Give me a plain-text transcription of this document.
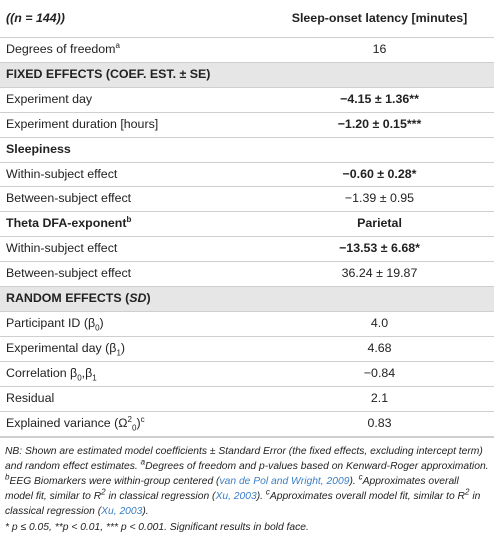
((n = 144))	Sleep-onset latency [minutes]
Degrees of freedom$^a$	16
FIXED EFFECTS (COEF. EST. ± SE)	
Experiment day	−4.15 ± 1.36**
Experiment duration [hours]	−1.20 ± 0.15***
Sleepiness	
Within-subject effect	−0.60 ± 0.28*
Between-subject effect	−1.39 ± 0.95
Theta DFA-exponent$^b$	Parietal
Within-subject effect	−13.53 ± 6.68*
Between-subject effect	36.24 ± 19.87
RANDOM EFFECTS (SD)	
Participant ID $(\beta_0)$	4.0
Experimental day $(\beta_1)$	4.68
Correlation $\beta_0,\beta_1$	−0.84
Residual	2.1
Explained variance $(\Omega^2_0)^c$	0.83
NB: Shown are estimated model coefficients ± Standard Error (the fixed effects, excluding intercept term) and random effect estimates. $^a$Degrees of freedom and p-values based on Kenward-Roger approximation. $^b$EEG Biomarkers were within-group centered (van de Pol and Wright, 2009). $^c$Approximates overall model fit, similar to $R^2$ in classical regression (Xu, 2003). $^c$Approximates overall model fit, similar to $R^2$ in classical regression (Xu, 2003).
* p ≤ 0.05, **p < 0.01, *** p < 0.001. Significant results in bold face.
